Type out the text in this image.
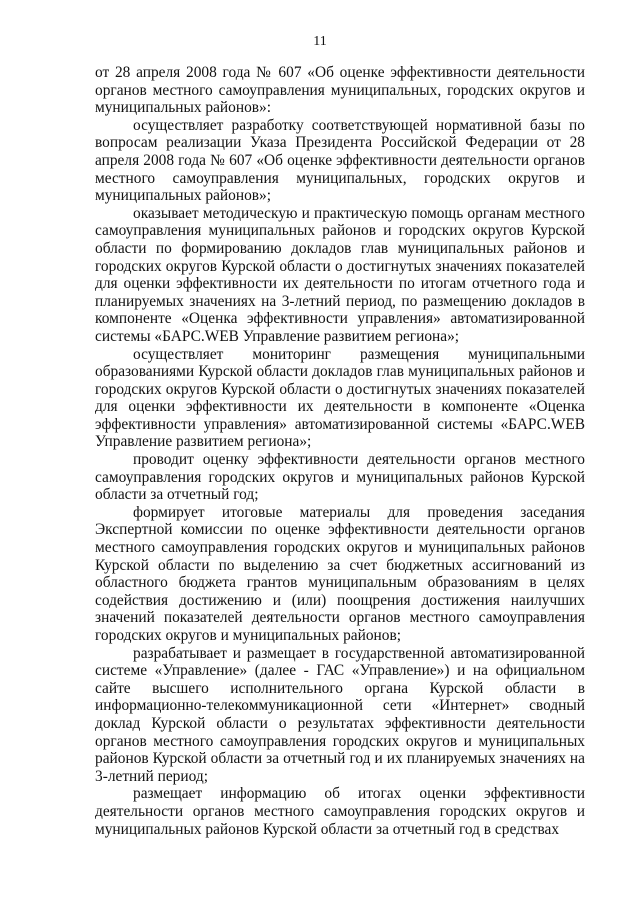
11

от 28 апреля 2008 года № 607 «Об оценке эффективности деятельности органов местного самоуправления муниципальных, городских округов и муниципальных районов»:

осуществляет разработку соответствующей нормативной базы по вопросам реализации Указа Президента Российской Федерации от 28 апреля 2008 года № 607 «Об оценке эффективности деятельности органов местного самоуправления муниципальных, городских округов и муниципальных районов»;

оказывает методическую и практическую помощь органам местного самоуправления муниципальных районов и городских округов Курской области по формированию докладов глав муниципальных районов и городских округов Курской области о достигнутых значениях показателей для оценки эффективности их деятельности по итогам отчетного года и планируемых значениях на 3-летний период, по размещению докладов в компоненте «Оценка эффективности управления» автоматизированной системы «БАРС.WEB Управление развитием региона»;

осуществляет мониторинг размещения муниципальными образованиями Курской области докладов глав муниципальных районов и городских округов Курской области о достигнутых значениях показателей для оценки эффективности их деятельности в компоненте «Оценка эффективности управления» автоматизированной системы «БАРС.WEB Управление развитием региона»;

проводит оценку эффективности деятельности органов местного самоуправления городских округов и муниципальных районов Курской области за отчетный год;

формирует итоговые материалы для проведения заседания Экспертной комиссии по оценке эффективности деятельности органов местного самоуправления городских округов и муниципальных районов Курской области по выделению за счет бюджетных ассигнований из областного бюджета грантов муниципальным образованиям в целях содействия достижению и (или) поощрения достижения наилучших значений показателей деятельности органов местного самоуправления городских округов и муниципальных районов;

разрабатывает и размещает в государственной автоматизированной системе «Управление» (далее - ГАС «Управление») и на официальном сайте высшего исполнительного органа Курской области в информационно-телекоммуникационной сети «Интернет» сводный доклад Курской области о результатах эффективности деятельности органов местного самоуправления городских округов и муниципальных районов Курской области за отчетный год и их планируемых значениях на 3-летний период;

размещает информацию об итогах оценки эффективности деятельности органов местного самоуправления городских округов и муниципальных районов Курской области за отчетный год в средствах
